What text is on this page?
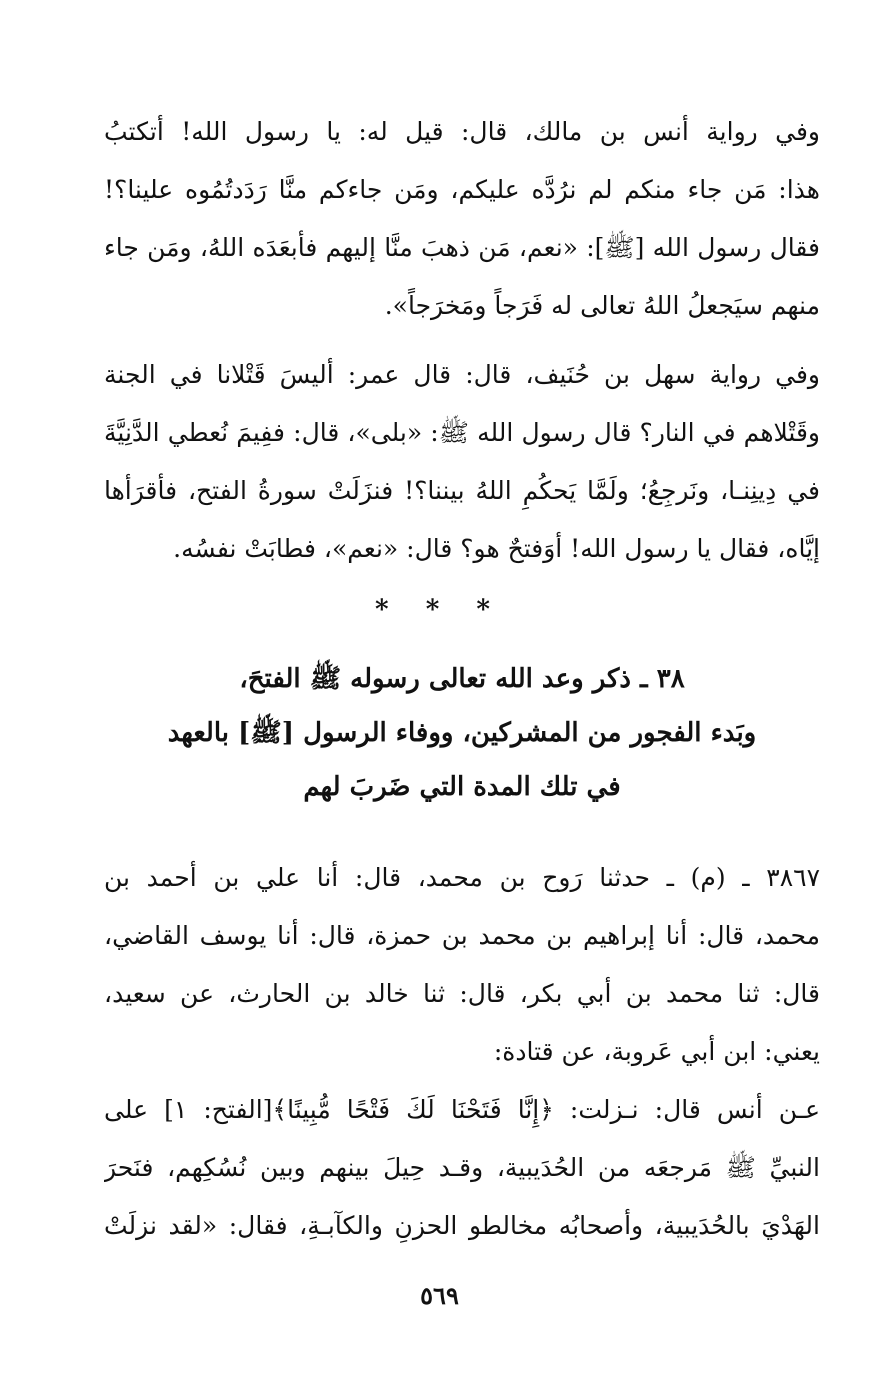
وفي رواية أنس بن مالك، قال: قيل له: يا رسول الله! أتكتبُ
هذا: مَن جاء منكم لم نرُدَّه عليكم، ومَن جاءكم منَّا رَدَدتُمُوه علينا؟!
فقال رسول الله [ﷺ]: «نعم، مَن ذهبَ منَّا إليهم فأبعَدَه اللهُ، ومَن جاء
منهم سيَجعلُ اللهُ تعالى له فَرَجاً ومَخرَجاً».
وفي رواية سهل بن حُنَيف، قال: قال عمر: أليسَ قَتْلانا في الجنة
وقَتْلاهم في النار؟ قال رسول الله ﷺ: «بلى»، قال: ففِيمَ نُعطي الدَّنِيَّةَ
في دِينِنـا، ونَرجِعُ؛ ولَمَّا يَحكُمِ اللهُ بيننا؟! فنزَلَتْ سورةُ الفتح، فأقرَأها
إيَّاه، فقال يا رسول الله! أوَفتحٌ هو؟ قال: «نعم»، فطابَتْ نفسُه.
* * *
٣٨ ـ ذكر وعد الله تعالى رسوله ﷺ الفتحَ،
وبَدء الفجور من المشركين، ووفاء الرسول [ﷺ] بالعهد
في تلك المدة التي ضَربَ لهم
٣٨٦٧ ـ (م) ـ حدثنا رَوح بن محمد، قال: أنا علي بن أحمد بن
محمد، قال: أنا إبراهيم بن محمد بن حمزة، قال: أنا يوسف القاضي،
قال: ثنا محمد بن أبي بكر، قال: ثنا خالد بن الحارث، عن سعيد،
يعني: ابن أبي عَروبة، عن قتادة:
عـن أنس قال: نـزلت: ﴿إِنَّا فَتَحْنَا لَكَ فَتْحًا مُّبِينًا﴾[الفتح: ١] على
النبيِّ ﷺ مَرجعَه من الحُدَيبية، وقـد حِيلَ بينهم وبين نُسُكِهم، فنَحرَ
الهَدْيَ بالحُدَيبية، وأصحابُه مخالطو الحزنِ والكآبـةِ، فقال: «لقد نزلَتْ
٥٦٩
